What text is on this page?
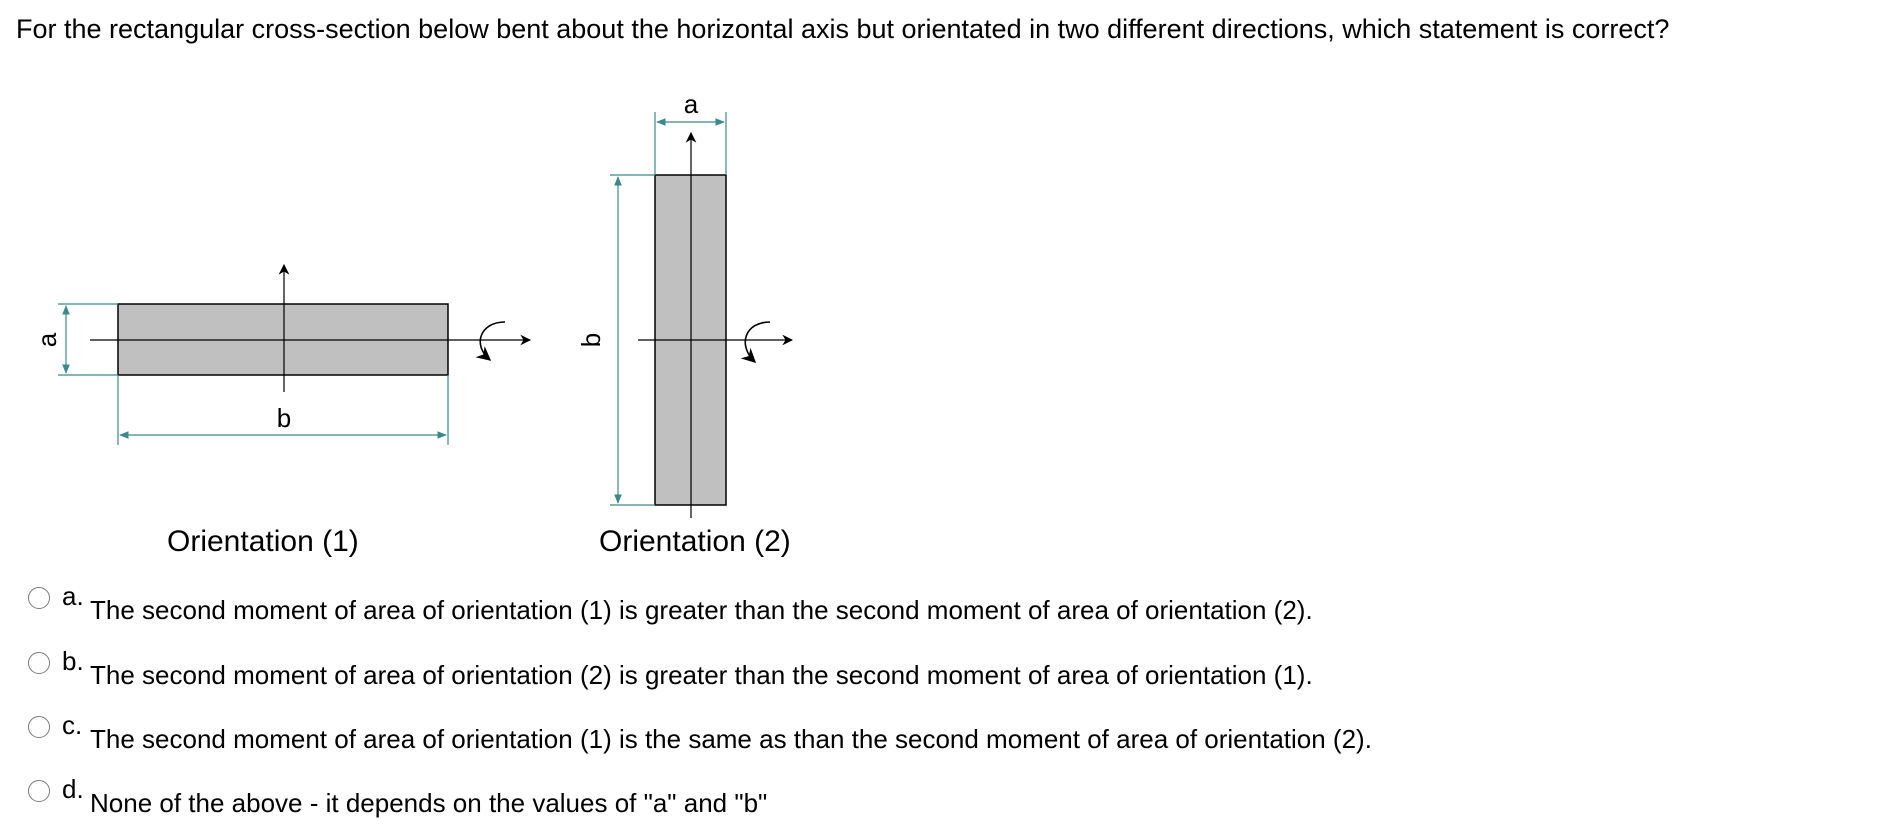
For the rectangular cross-section below bent about the horizontal axis but orientated in two different directions, which statement is correct?
a
b
a
b
Orientation (1)	Orientation (2)
a. The second moment of area of orientation (1) is greater than the second moment of area of orientation (2).
b. The second moment of area of orientation (2) is greater than the second moment of area of orientation (1).
c. The second moment of area of orientation (1) is the same as than the second moment of area of orientation (2).
d. None of the above - it depends on the values of "a" and "b"
